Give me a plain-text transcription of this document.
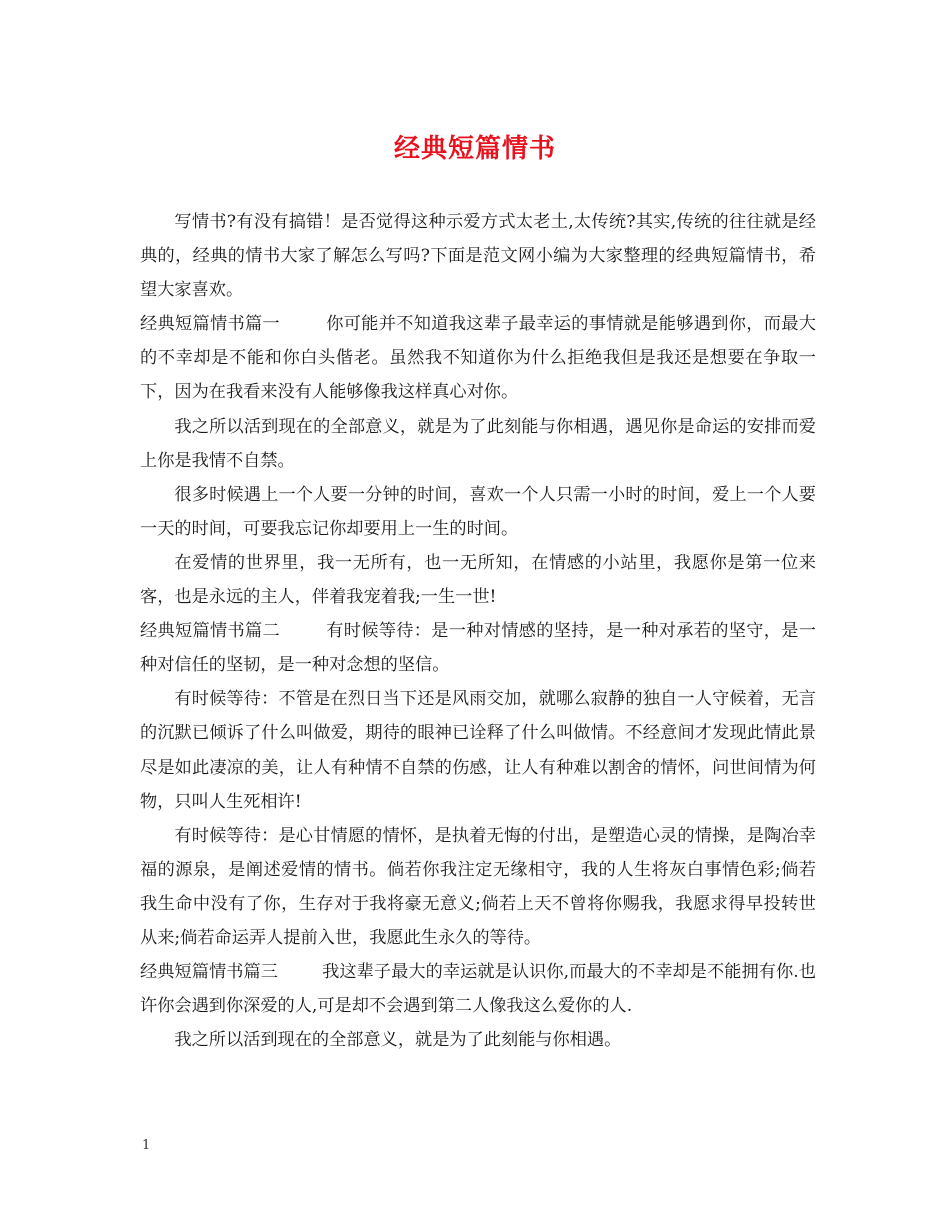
经典短篇情书

写情书?有没有搞错！是否觉得这种示爱方式太老土,太传统?其实,传统的往往就是经典的，经典的情书大家了解怎么写吗?下面是范文网小编为大家整理的经典短篇情书，希望大家喜欢。

经典短篇情书篇一	你可能并不知道我这辈子最幸运的事情就是能够遇到你，而最大的不幸却是不能和你白头偕老。虽然我不知道你为什么拒绝我但是我还是想要在争取一下，因为在我看来没有人能够像我这样真心对你。

我之所以活到现在的全部意义，就是为了此刻能与你相遇，遇见你是命运的安排而爱上你是我情不自禁。

很多时候遇上一个人要一分钟的时间，喜欢一个人只需一小时的时间，爱上一个人要一天的时间，可要我忘记你却要用上一生的时间。

在爱情的世界里，我一无所有，也一无所知，在情感的小站里，我愿你是第一位来客，也是永远的主人，伴着我宠着我;一生一世!

经典短篇情书篇二	有时候等待：是一种对情感的坚持，是一种对承若的坚守，是一种对信任的坚韧，是一种对念想的坚信。

有时候等待：不管是在烈日当下还是风雨交加，就哪么寂静的独自一人守候着，无言的沉默已倾诉了什么叫做爱，期待的眼神已诠释了什么叫做情。不经意间才发现此情此景尽是如此凄凉的美，让人有种情不自禁的伤感，让人有种难以割舍的情怀，问世间情为何物，只叫人生死相许!

有时候等待：是心甘情愿的情怀，是执着无悔的付出，是塑造心灵的情操，是陶冶幸福的源泉，是阐述爱情的情书。倘若你我注定无缘相守，我的人生将灰白事情色彩;倘若我生命中没有了你，生存对于我将豪无意义;倘若上天不曾将你赐我，我愿求得早投转世从来;倘若命运弄人提前入世，我愿此生永久的等待。

经典短篇情书篇三	我这辈子最大的幸运就是认识你,而最大的不幸却是不能拥有你.也许你会遇到你深爱的人,可是却不会遇到第二人像我这么爱你的人.

我之所以活到现在的全部意义，就是为了此刻能与你相遇。

1
